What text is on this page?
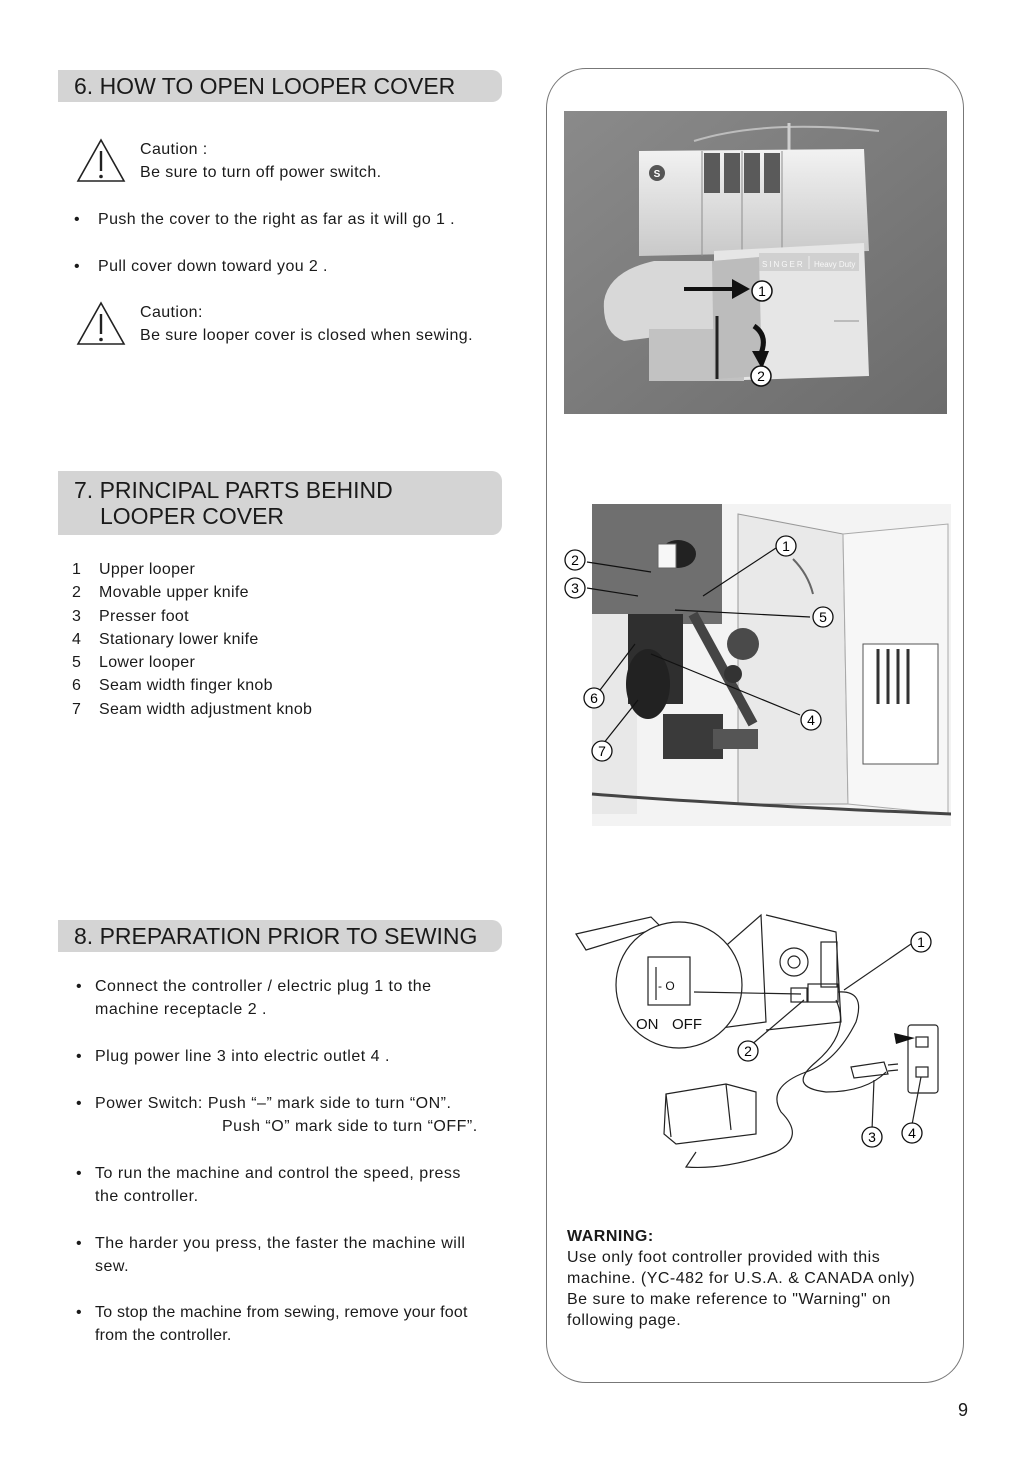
6. HOW TO OPEN LOOPER COVER
Caution :
Be sure to turn off power switch.
• Push the cover to the right as far as it will go 1 .
• Pull cover down toward you 2 .
Caution:
Be sure looper cover is closed when sewing.
7. PRINCIPAL PARTS BEHIND
LOOPER COVER
1	Upper looper
2	Movable upper knife
3	Presser foot
4	Stationary lower knife
5	Lower looper
6	Seam width finger knob
7	Seam width adjustment knob
8. PREPARATION PRIOR TO SEWING
• Connect the controller / electric plug 1 to the
machine receptacle 2 .
• Plug power line 3 into electric outlet 4 .
• Power Switch: Push “–” mark side to turn “ON”.
Push “O” mark side to turn “OFF”.
• To run the machine and control the speed, press
the controller.
• The harder you press, the faster the machine will
sew.
• To stop the machine from sewing, remove your foot
from the controller.
S
SINGER Heavy Duty
1
2
2
3
1
5
4
6
7
- O
ON OFF
1
2
3 4
WARNING:
Use only foot controller provided with this
machine. (YC-482 for U.S.A. & CANADA only)
Be sure to make reference to "Warning" on
following page.
9
